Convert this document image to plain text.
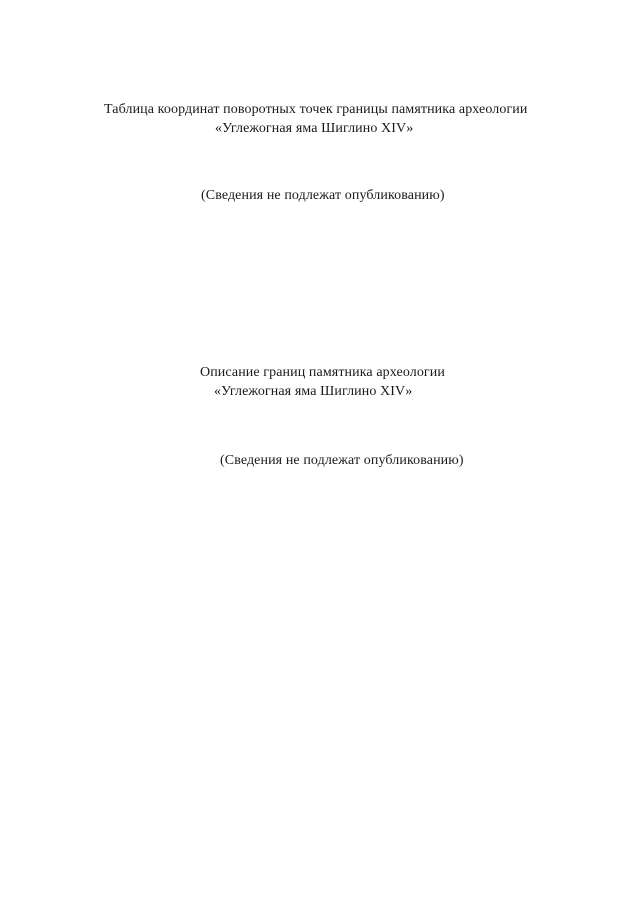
Таблица координат поворотных точек границы памятника археологии
«Углежогная яма Шиглино XIV»
(Сведения не подлежат опубликованию)
Описание границ памятника археологии
«Углежогная яма Шиглино XIV»
(Сведения не подлежат опубликованию)
